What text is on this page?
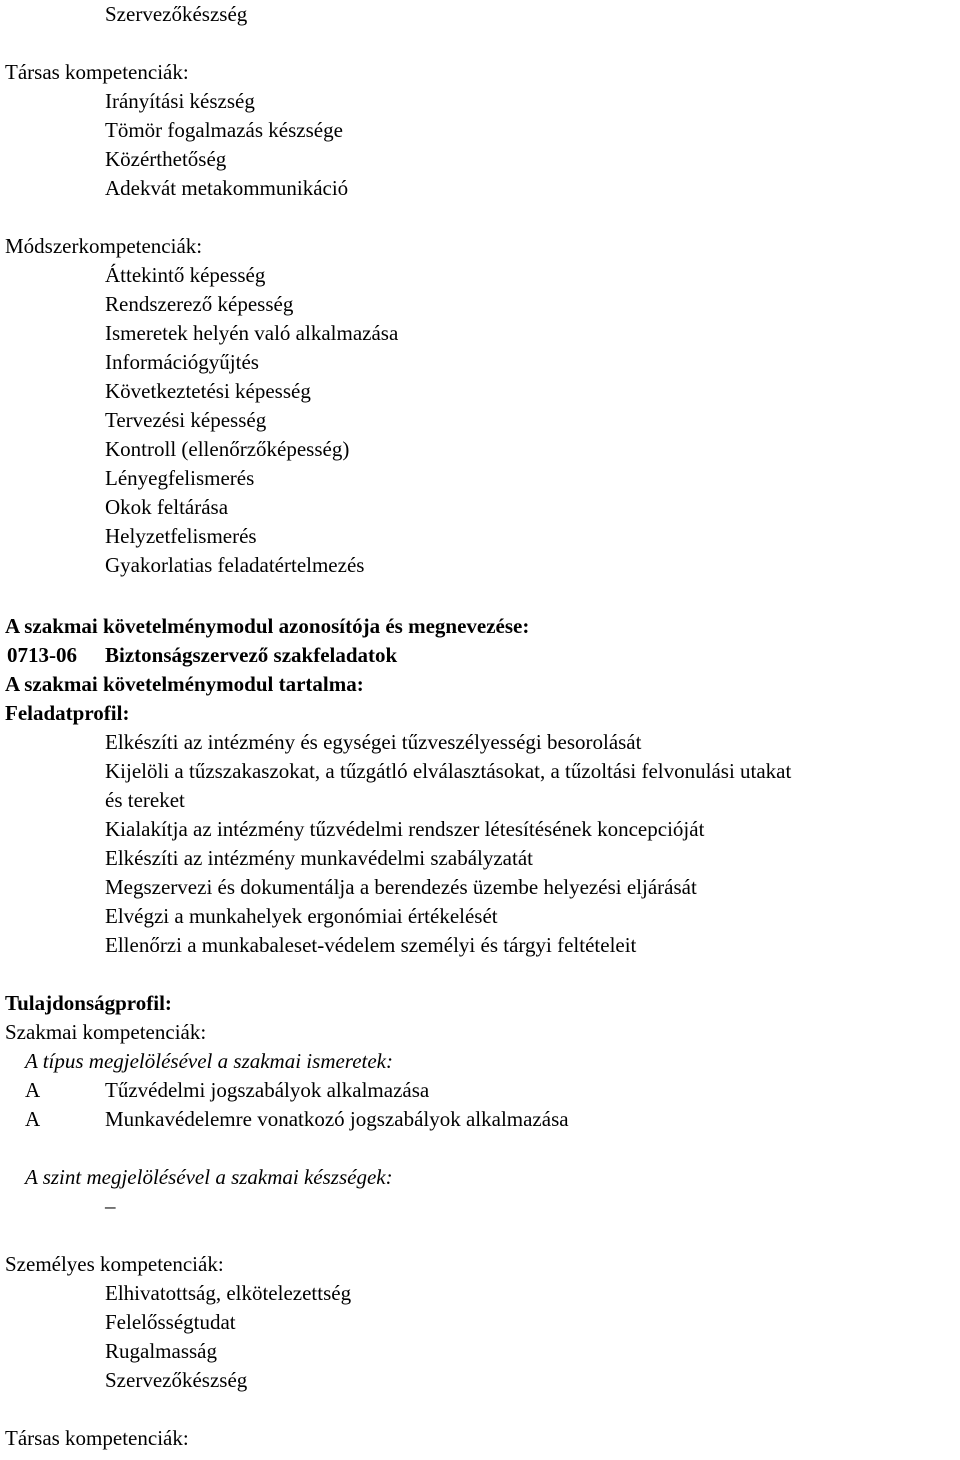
Szervezőkészség
Társas kompetenciák:
Irányítási készség
Tömör fogalmazás készsége
Közérthetőség
Adekvát metakommunikáció
Módszerkompetenciák:
Áttekintő képesség
Rendszerező képesség
Ismeretek helyén való alkalmazása
Információgyűjtés
Következtetési képesség
Tervezési képesség
Kontroll (ellenőrzőképesség)
Lényegfelismerés
Okok feltárása
Helyzetfelismerés
Gyakorlatias feladatértelmezés
A szakmai követelménymodul azonosítója és megnevezése:
0713-06 Biztonságszervező szakfeladatok
A szakmai követelménymodul tartalma:
Feladatprofil:
Elkészíti az intézmény és egységei tűzveszélyességi besorolását
Kijelöli a tűzszakaszokat, a tűzgátló elválasztásokat, a tűzoltási felvonulási utakat
és tereket
Kialakítja az intézmény tűzvédelmi rendszer létesítésének koncepcióját
Elkészíti az intézmény munkavédelmi szabályzatát
Megszervezi és dokumentálja a berendezés üzembe helyezési eljárását
Elvégzi a munkahelyek ergonómiai értékelését
Ellenőrzi a munkabaleset-védelem személyi és tárgyi feltételeit
Tulajdonságprofil:
Szakmai kompetenciák:
A típus megjelölésével a szakmai ismeretek:
A	Tűzvédelmi jogszabályok alkalmazása
A	Munkavédelemre vonatkozó jogszabályok alkalmazása
A szint megjelölésével a szakmai készségek:
–
Személyes kompetenciák:
Elhivatottság, elkötelezettség
Felelősségtudat
Rugalmasság
Szervezőkészség
Társas kompetenciák:
